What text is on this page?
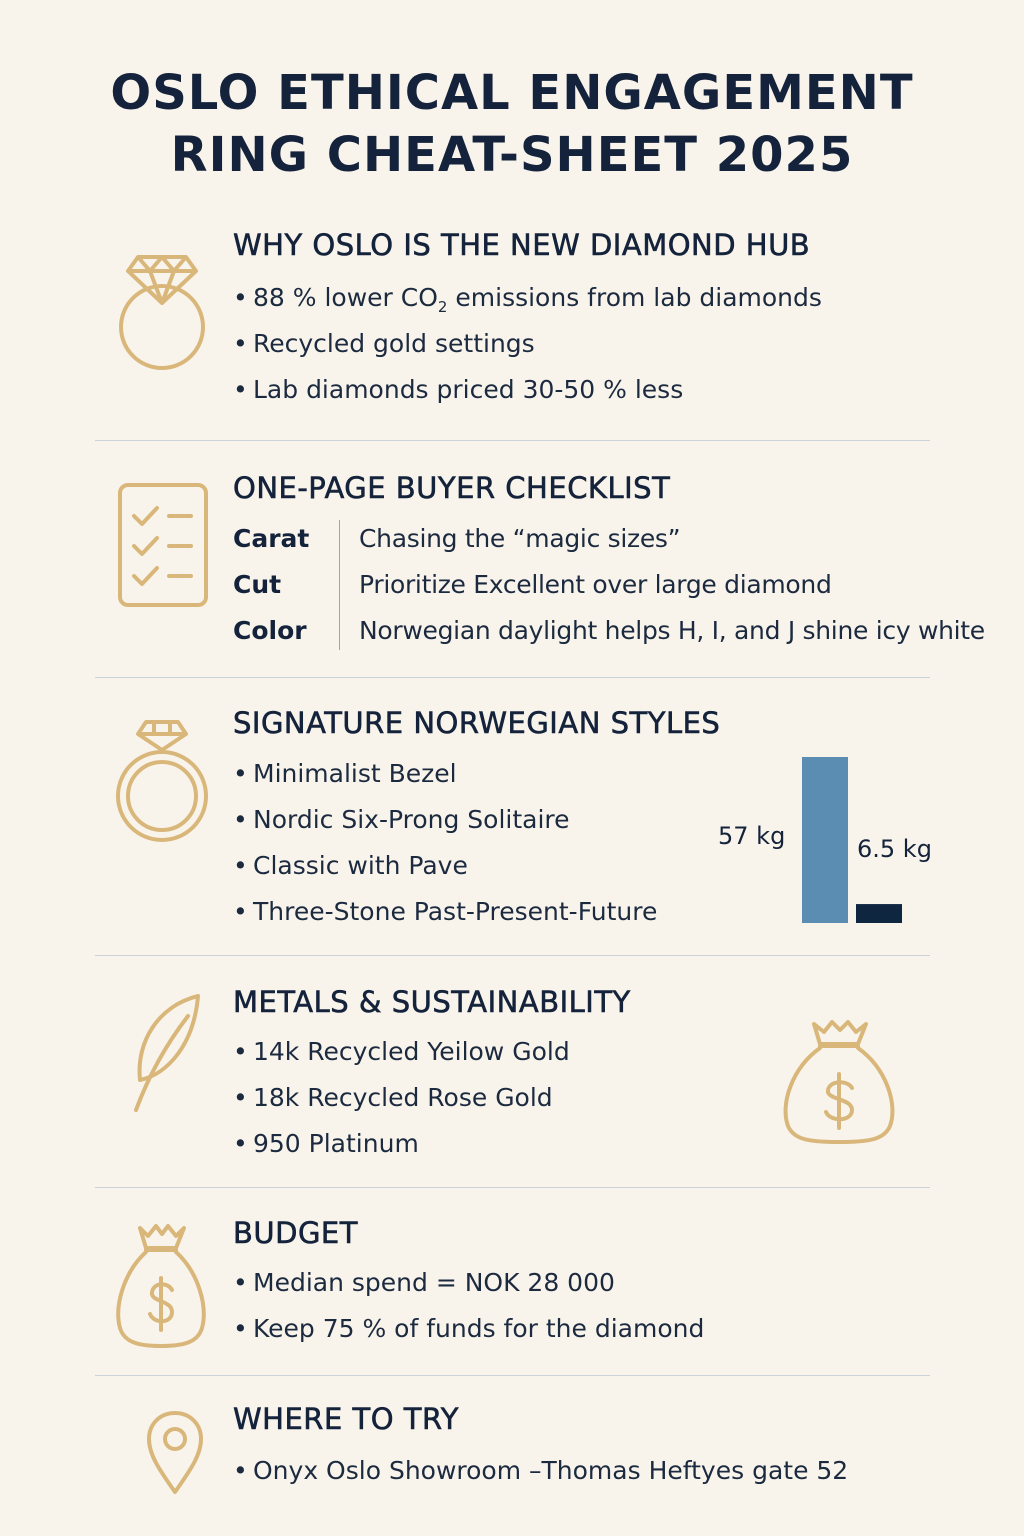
OSLO ETHICAL ENGAGEMENT
RING CHEAT-SHEET 2025
WHY OSLO IS THE NEW DIAMOND HUB
• 88 % lower $CO_2$ emissions from lab diamonds
• Recycled gold settings
• Lab diamonds priced 30-50 % less
ONE-PAGE BUYER CHECKLIST
Carat Chasing the “magic sizes”
Cut	Prioritize Excellent over large diamond
Color Norwegian daylight helps H, I, and J shine icy white
SIGNATURE NORWEGIAN STYLES
• Minimalist Bezel
• Nordic Six-Prong Solitaire
• Classic with Pave
• Three-Stone Past-Present-Future
57 kg	6.5 kg
METALS & SUSTAINABILITY
• 14k Recycled Yeilow Gold
• 18k Recycled Rose Gold
• 950 Platinum
BUDGET
• Median spend = NOK 28 000
• Keep 75 % of funds for the diamond
WHERE TO TRY
• Onyx Oslo Showroom –Thomas Heftyes gate 52
